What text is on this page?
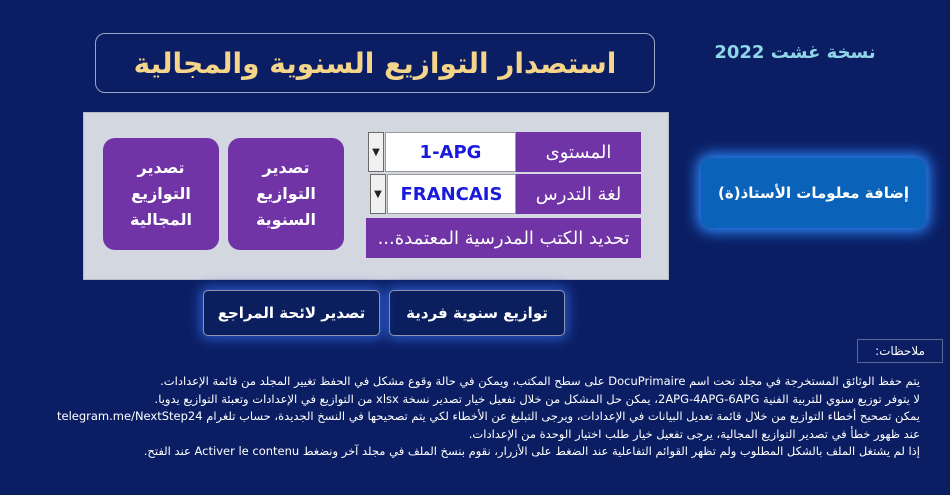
استصدار التوازيع السنوية والمجالية	نسخة غشت 2022
تصدير التوازيع المجالية
تصدير التوازيع السنوية
▼	1-APG	المستوى
▼	FRANCAIS	لغة التدرس
تحديد الكتب المدرسية المعتمدة...
إضافة معلومات الأستاذ(ة)
توازيع سنوية فردية
تصدير لائحة المراجع
ملاحظات:
يتم حفظ الوثائق المستخرجة في مجلد تحت اسم DocuPrimaire على سطح المكتب، ويمكن في حالة وقوع مشكل في الحفظ تغيير المجلد من قائمة الإعدادات.
لا يتوفر توزيع سنوي للتربية الفنية 2APG-4APG-6APG، يمكن حل المشكل من خلال تفعيل خيار تصدير نسخة xlsx من التوازيع في الإعدادات وتعبئة التوازيع يدويا.
يمكن تصحيح أخطاء التوازيع من خلال قائمة تعديل البيانات في الإعدادات، ويرجى التبليغ عن الأخطاء لكي يتم تصحيحها في النسخ الجديدة، حساب تلغرام telegram.me/NextStep24
عند ظهور خطأ في تصدير التوازيع المجالية، يرجى تفعيل خيار طلب اختيار الوحدة من الإعدادات.
إذا لم يشتغل الملف بالشكل المطلوب ولم تظهر القوائم التفاعلية عند الضغط على الأزرار، نقوم بنسخ الملف في مجلد آخر ونضغط Activer le contenu عند الفتح.
